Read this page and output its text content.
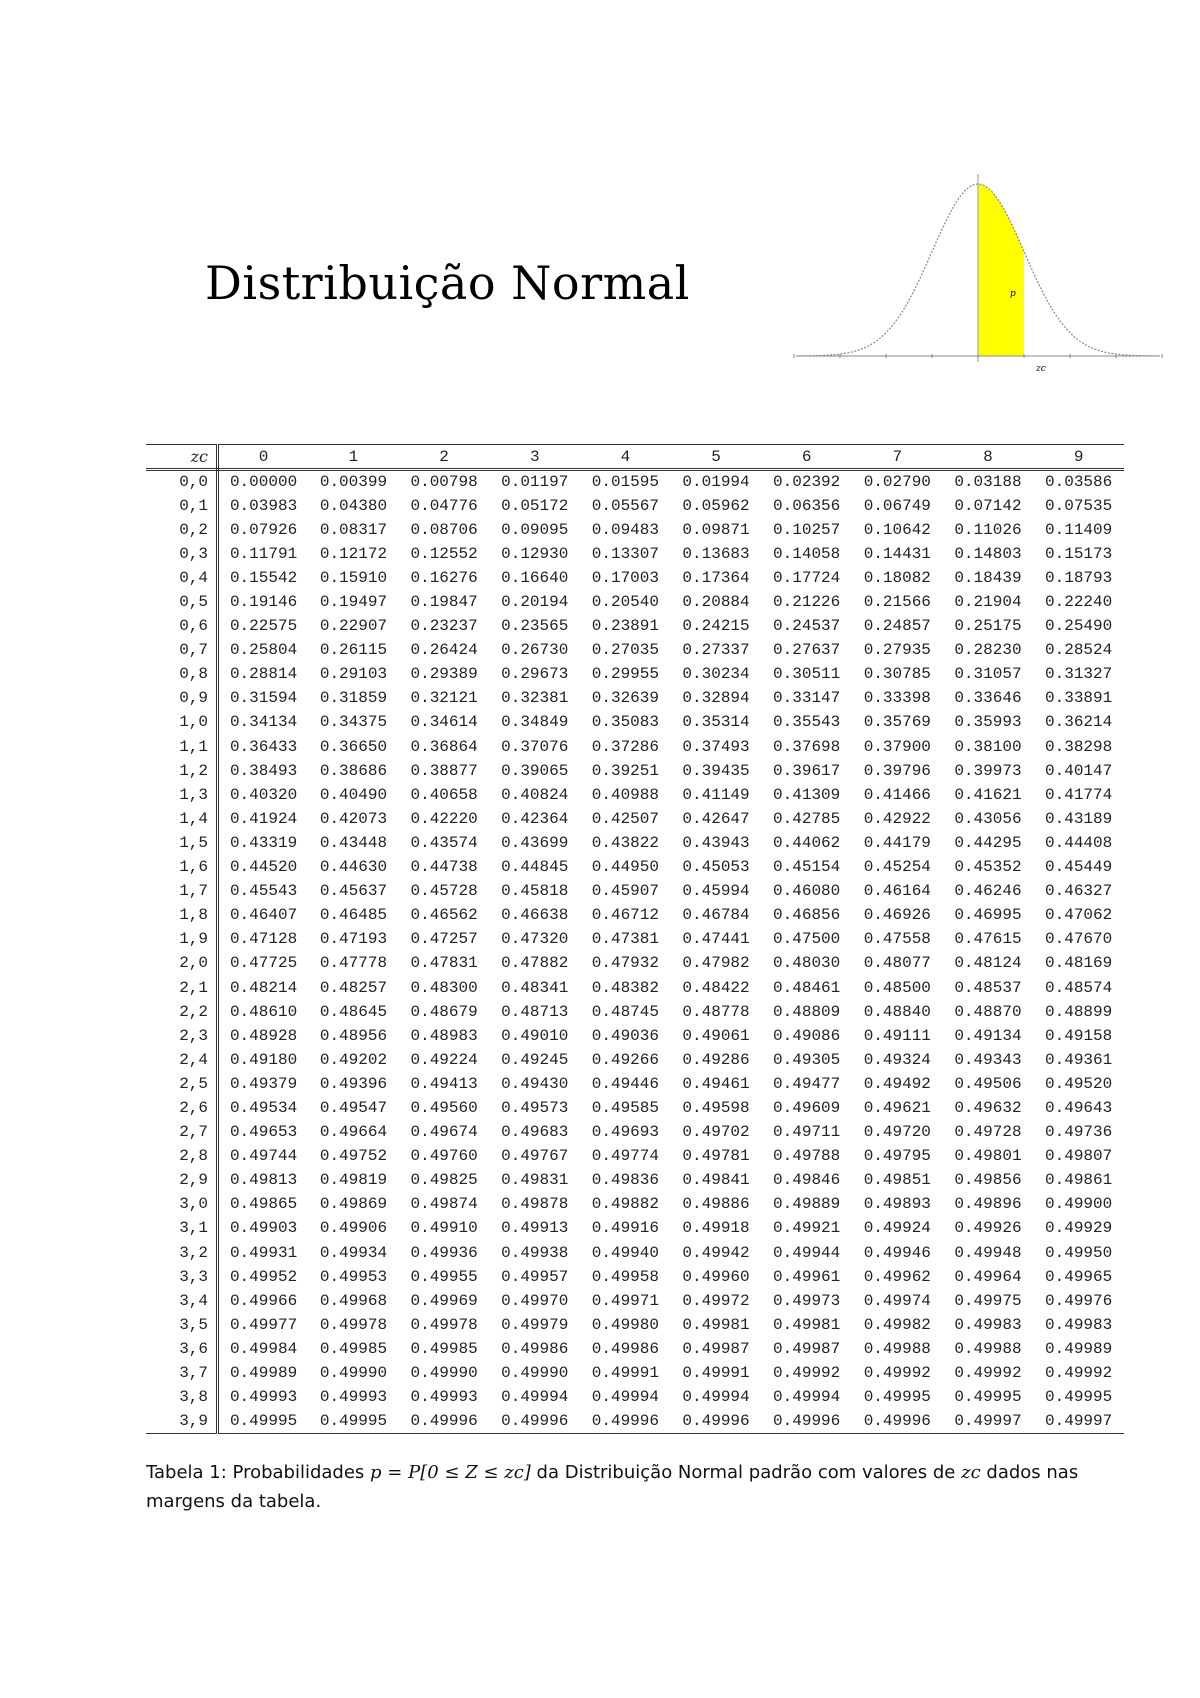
Distribuição Normal	p
zc
zc	0	1	2	3	4	5	6	7	8	9
0,0	0.00000	0.00399	0.00798	0.01197	0.01595	0.01994	0.02392	0.02790	0.03188	0.03586
0,1	0.03983	0.04380	0.04776	0.05172	0.05567	0.05962	0.06356	0.06749	0.07142	0.07535
0,2	0.07926	0.08317	0.08706	0.09095	0.09483	0.09871	0.10257	0.10642	0.11026	0.11409
0,3	0.11791	0.12172	0.12552	0.12930	0.13307	0.13683	0.14058	0.14431	0.14803	0.15173
0,4	0.15542	0.15910	0.16276	0.16640	0.17003	0.17364	0.17724	0.18082	0.18439	0.18793
0,5	0.19146	0.19497	0.19847	0.20194	0.20540	0.20884	0.21226	0.21566	0.21904	0.22240
0,6	0.22575	0.22907	0.23237	0.23565	0.23891	0.24215	0.24537	0.24857	0.25175	0.25490
0,7	0.25804	0.26115	0.26424	0.26730	0.27035	0.27337	0.27637	0.27935	0.28230	0.28524
0,8	0.28814	0.29103	0.29389	0.29673	0.29955	0.30234	0.30511	0.30785	0.31057	0.31327
0,9	0.31594	0.31859	0.32121	0.32381	0.32639	0.32894	0.33147	0.33398	0.33646	0.33891
1,0	0.34134	0.34375	0.34614	0.34849	0.35083	0.35314	0.35543	0.35769	0.35993	0.36214
1,1	0.36433	0.36650	0.36864	0.37076	0.37286	0.37493	0.37698	0.37900	0.38100	0.38298
1,2	0.38493	0.38686	0.38877	0.39065	0.39251	0.39435	0.39617	0.39796	0.39973	0.40147
1,3	0.40320	0.40490	0.40658	0.40824	0.40988	0.41149	0.41309	0.41466	0.41621	0.41774
1,4	0.41924	0.42073	0.42220	0.42364	0.42507	0.42647	0.42785	0.42922	0.43056	0.43189
1,5	0.43319	0.43448	0.43574	0.43699	0.43822	0.43943	0.44062	0.44179	0.44295	0.44408
1,6	0.44520	0.44630	0.44738	0.44845	0.44950	0.45053	0.45154	0.45254	0.45352	0.45449
1,7	0.45543	0.45637	0.45728	0.45818	0.45907	0.45994	0.46080	0.46164	0.46246	0.46327
1,8	0.46407	0.46485	0.46562	0.46638	0.46712	0.46784	0.46856	0.46926	0.46995	0.47062
1,9	0.47128	0.47193	0.47257	0.47320	0.47381	0.47441	0.47500	0.47558	0.47615	0.47670
2,0	0.47725	0.47778	0.47831	0.47882	0.47932	0.47982	0.48030	0.48077	0.48124	0.48169
2,1	0.48214	0.48257	0.48300	0.48341	0.48382	0.48422	0.48461	0.48500	0.48537	0.48574
2,2	0.48610	0.48645	0.48679	0.48713	0.48745	0.48778	0.48809	0.48840	0.48870	0.48899
2,3	0.48928	0.48956	0.48983	0.49010	0.49036	0.49061	0.49086	0.49111	0.49134	0.49158
2,4	0.49180	0.49202	0.49224	0.49245	0.49266	0.49286	0.49305	0.49324	0.49343	0.49361
2,5	0.49379	0.49396	0.49413	0.49430	0.49446	0.49461	0.49477	0.49492	0.49506	0.49520
2,6	0.49534	0.49547	0.49560	0.49573	0.49585	0.49598	0.49609	0.49621	0.49632	0.49643
2,7	0.49653	0.49664	0.49674	0.49683	0.49693	0.49702	0.49711	0.49720	0.49728	0.49736
2,8	0.49744	0.49752	0.49760	0.49767	0.49774	0.49781	0.49788	0.49795	0.49801	0.49807
2,9	0.49813	0.49819	0.49825	0.49831	0.49836	0.49841	0.49846	0.49851	0.49856	0.49861
3,0	0.49865	0.49869	0.49874	0.49878	0.49882	0.49886	0.49889	0.49893	0.49896	0.49900
3,1	0.49903	0.49906	0.49910	0.49913	0.49916	0.49918	0.49921	0.49924	0.49926	0.49929
3,2	0.49931	0.49934	0.49936	0.49938	0.49940	0.49942	0.49944	0.49946	0.49948	0.49950
3,3	0.49952	0.49953	0.49955	0.49957	0.49958	0.49960	0.49961	0.49962	0.49964	0.49965
3,4	0.49966	0.49968	0.49969	0.49970	0.49971	0.49972	0.49973	0.49974	0.49975	0.49976
3,5	0.49977	0.49978	0.49978	0.49979	0.49980	0.49981	0.49981	0.49982	0.49983	0.49983
3,6	0.49984	0.49985	0.49985	0.49986	0.49986	0.49987	0.49987	0.49988	0.49988	0.49989
3,7	0.49989	0.49990	0.49990	0.49990	0.49991	0.49991	0.49992	0.49992	0.49992	0.49992
3,8	0.49993	0.49993	0.49993	0.49994	0.49994	0.49994	0.49994	0.49995	0.49995	0.49995
3,9	0.49995	0.49995	0.49996	0.49996	0.49996	0.49996	0.49996	0.49996	0.49997	0.49997
Tabela 1: Probabilidades p = P[0 ≤ Z ≤ zc] da Distribuição Normal padrão com valores de zc dados nas margens da tabela.
